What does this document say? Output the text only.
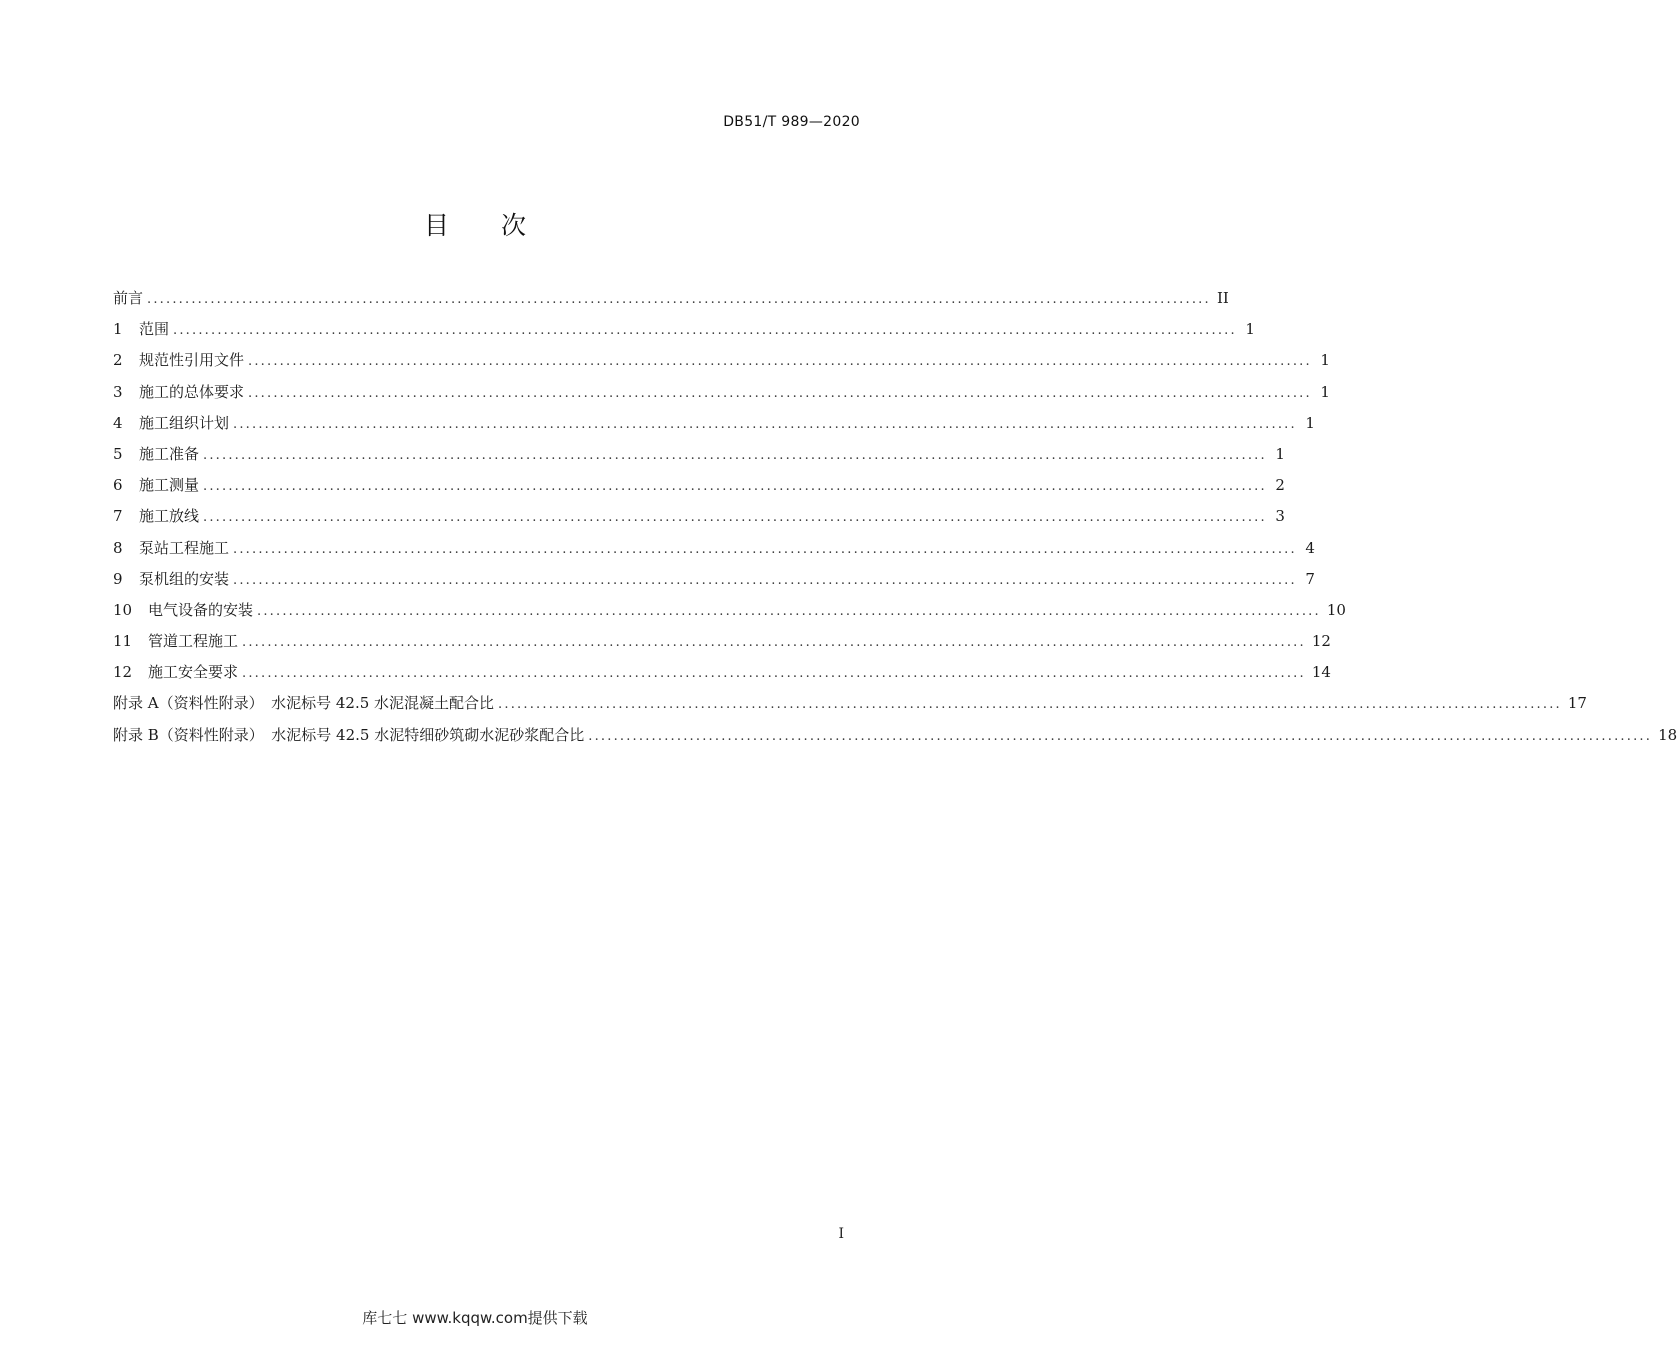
DB51/T 989—2020
目 次
前言 ........................................................................................................................................................................ II
1	范围 ........................................................................................................................................................................ 1
2	规范性引用文件 ........................................................................................................................................................................ 1
3	施工的总体要求 ........................................................................................................................................................................ 1
4	施工组织计划 ........................................................................................................................................................................ 1
5	施工准备 ........................................................................................................................................................................ 1
6	施工测量 ........................................................................................................................................................................ 2
7	施工放线 ........................................................................................................................................................................ 3
8	泵站工程施工 ........................................................................................................................................................................ 4
9	泵机组的安装 ........................................................................................................................................................................ 7
10	电气设备的安装 ........................................................................................................................................................................ 10
11	管道工程施工 ........................................................................................................................................................................ 12
12	施工安全要求 ........................................................................................................................................................................ 14
附录 A（资料性附录）　水泥标号 42.5 水泥混凝土配合比 ........................................................................................................................................................................ 17
附录 B（资料性附录）　水泥标号 42.5 水泥特细砂筑砌水泥砂浆配合比 ........................................................................................................................................................................ 18
I
库七七 www.kqqw.com提供下载
